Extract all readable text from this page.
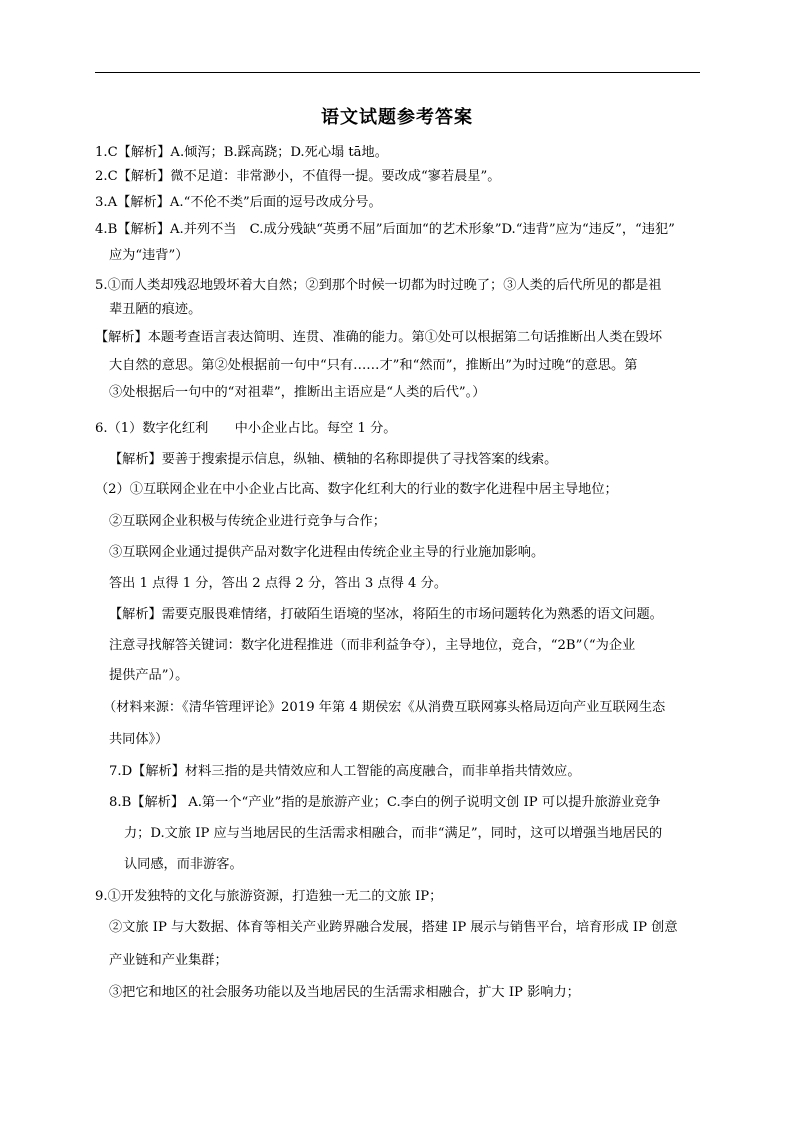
语文试题参考答案
1.C【解析】A.倾泻；B.踩高跷；D.死心塌 tā地。
2.C【解析】微不足道：非常渺小，不值得一提。要改成“寥若晨星”。
3.A【解析】A.“不伦不类”后面的逗号改成分号。
4.B【解析】A.并列不当　C.成分残缺“英勇不屈”后面加“的艺术形象”D.“违背”应为“违反”，“违犯”
应为“违背”）
5.①而人类却残忍地毁坏着大自然；②到那个时候一切都为时过晚了；③人类的后代所见的都是祖
辈丑陋的痕迹。
【解析】本题考查语言表达简明、连贯、准确的能力。第①处可以根据第二句话推断出人类在毁坏
大自然的意思。第②处根据前一句中“只有……才”和“然而”，推断出”为时过晚“的意思。第
③处根据后一句中的“对祖辈”，推断出主语应是“人类的后代”。）
6.（1）数字化红利　　中小企业占比。每空 1 分。
【解析】要善于搜索提示信息，纵轴、横轴的名称即提供了寻找答案的线索。
（2）①互联网企业在中小企业占比高、数字化红利大的行业的数字化进程中居主导地位；
②互联网企业积极与传统企业进行竞争与合作；
③互联网企业通过提供产品对数字化进程由传统企业主导的行业施加影响。
答出 1 点得 1 分，答出 2 点得 2 分，答出 3 点得 4 分。
【解析】需要克服畏难情绪，打破陌生语境的坚冰，将陌生的市场问题转化为熟悉的语文问题。
注意寻找解答关键词：数字化进程推进（而非利益争夺），主导地位，竞合，“2B”（“为企业
提供产品”）。
（材料来源：《清华管理评论》2019 年第 4 期侯宏《从消费互联网寡头格局迈向产业互联网生态
共同体》）
7.D【解析】材料三指的是共情效应和人工智能的高度融合，而非单指共情效应。
8.B【解析】 A.第一个“产业”指的是旅游产业；C.李白的例子说明文创 IP 可以提升旅游业竞争
力；D.文旅 IP 应与当地居民的生活需求相融合，而非“满足”，同时，这可以增强当地居民的
认同感，而非游客。
9.①开发独特的文化与旅游资源，打造独一无二的文旅 IP；
②文旅 IP 与大数据、体育等相关产业跨界融合发展，搭建 IP 展示与销售平台，培育形成 IP 创意
产业链和产业集群；
③把它和地区的社会服务功能以及当地居民的生活需求相融合，扩大 IP 影响力；
